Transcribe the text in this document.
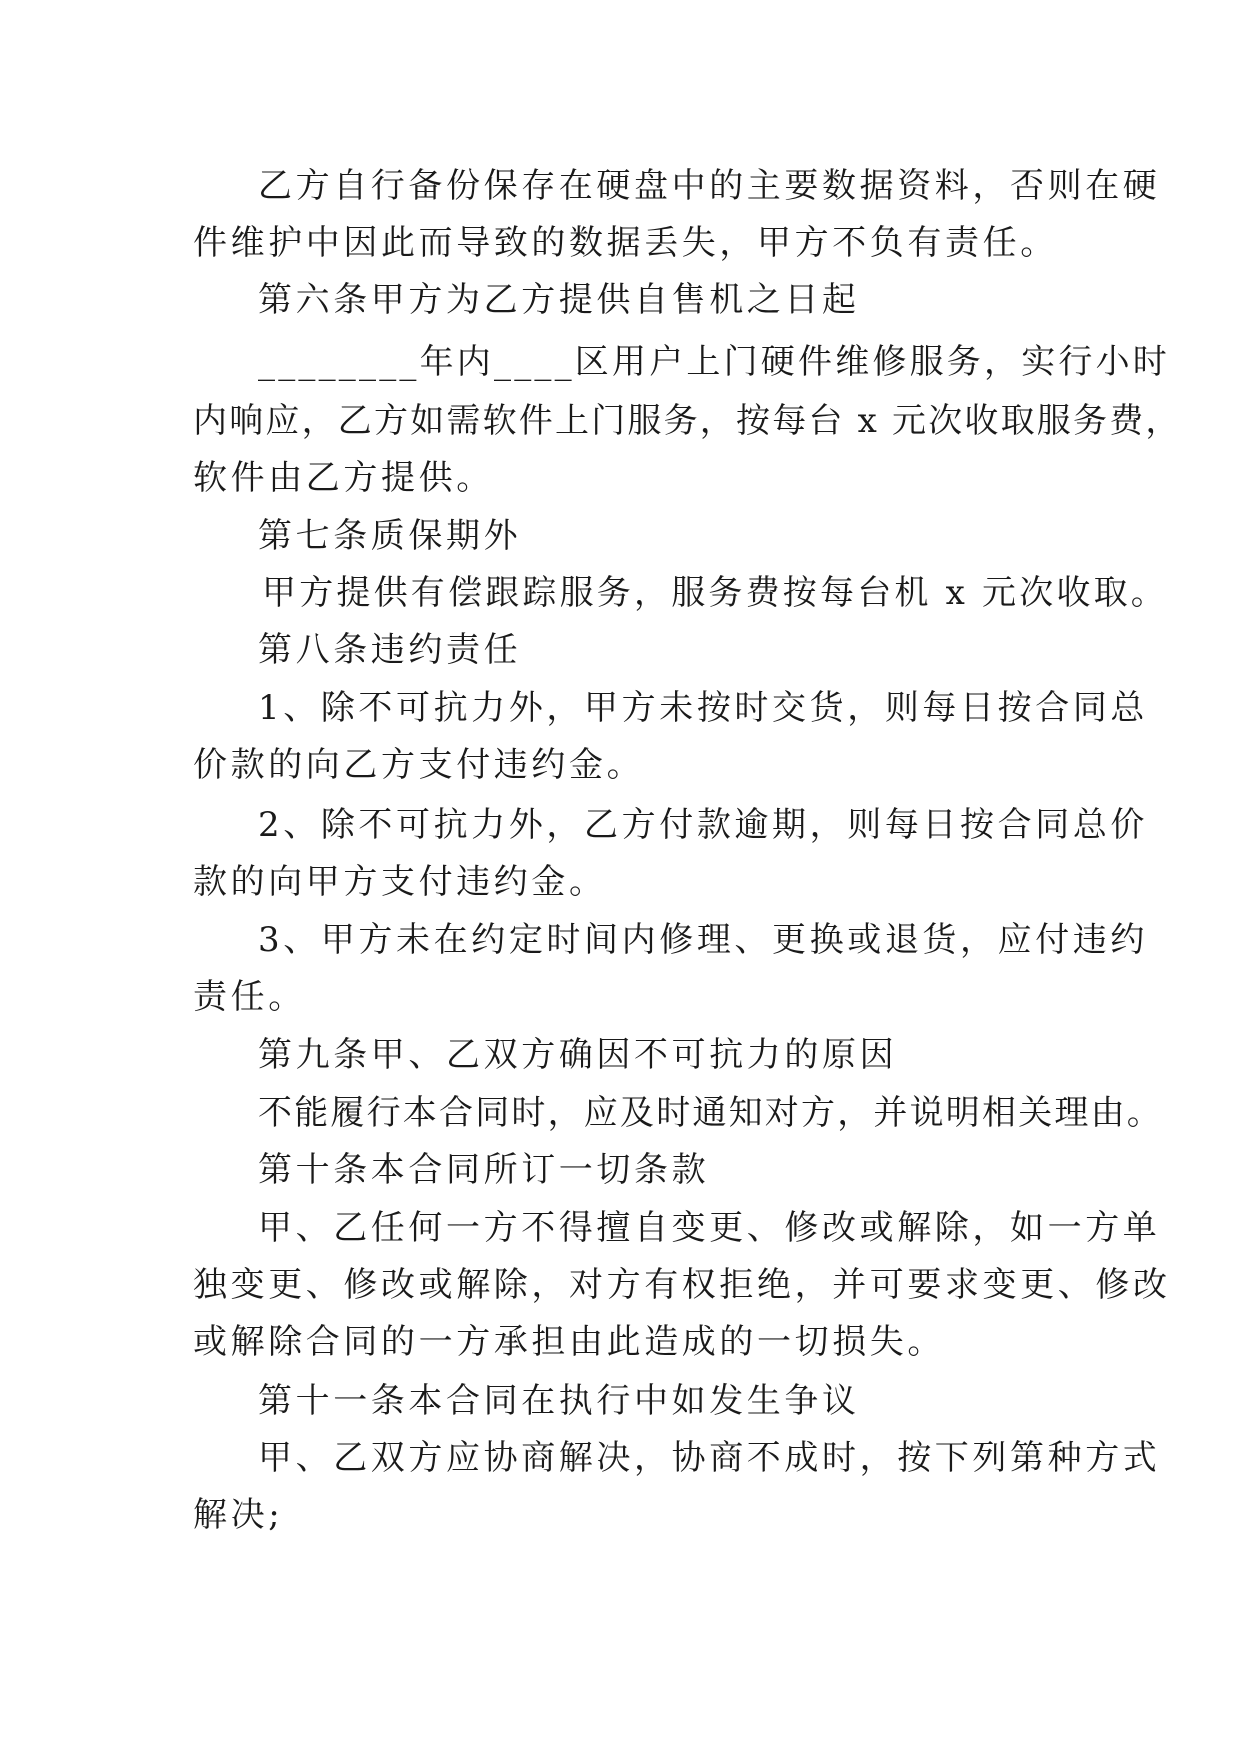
乙方自行备份保存在硬盘中的主要数据资料，否则在硬
件维护中因此而导致的数据丢失，甲方不负有责任。
第六条甲方为乙方提供自售机之日起
________年内____区用户上门硬件维修服务，实行小时
内响应，乙方如需软件上门服务，按每台 x 元次收取服务费，
软件由乙方提供。
第七条质保期外
甲方提供有偿跟踪服务，服务费按每台机 x 元次收取。
第八条违约责任
1、除不可抗力外，甲方未按时交货，则每日按合同总
价款的向乙方支付违约金。
2、除不可抗力外，乙方付款逾期，则每日按合同总价
款的向甲方支付违约金。
3、甲方未在约定时间内修理、更换或退货，应付违约
责任。
第九条甲、乙双方确因不可抗力的原因
不能履行本合同时，应及时通知对方，并说明相关理由。
第十条本合同所订一切条款
甲、乙任何一方不得擅自变更、修改或解除，如一方单
独变更、修改或解除，对方有权拒绝，并可要求变更、修改
或解除合同的一方承担由此造成的一切损失。
第十一条本合同在执行中如发生争议
甲、乙双方应协商解决，协商不成时，按下列第种方式
解决;
